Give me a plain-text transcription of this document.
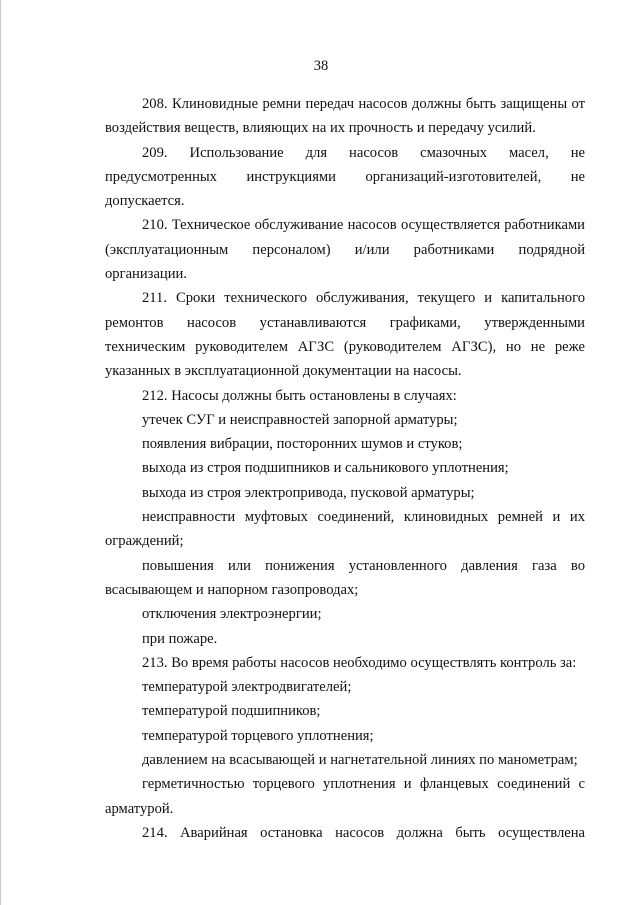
38

208. Клиновидные ремни передач насосов должны быть защищены от воздействия веществ, влияющих на их прочность и передачу усилий.

209. Использование для насосов смазочных масел, не предусмотренных инструкциями организаций-изготовителей, не допускается.

210. Техническое обслуживание насосов осуществляется работниками (эксплуатационным персоналом) и/или работниками подрядной организации.

211. Сроки технического обслуживания, текущего и капитального ремонтов насосов устанавливаются графиками, утвержденными техническим руководителем АГЗС (руководителем АГЗС), но не реже указанных в эксплуатационной документации на насосы.

212. Насосы должны быть остановлены в случаях:

утечек СУГ и неисправностей запорной арматуры;

появления вибрации, посторонних шумов и стуков;

выхода из строя подшипников и сальникового уплотнения;

выхода из строя электропривода, пусковой арматуры;

неисправности муфтовых соединений, клиновидных ремней и их ограждений;

повышения или понижения установленного давления газа во всасывающем и напорном газопроводах;

отключения электроэнергии;

при пожаре.

213. Во время работы насосов необходимо осуществлять контроль за:

температурой электродвигателей;

температурой подшипников;

температурой торцевого уплотнения;

давлением на всасывающей и нагнетательной линиях по манометрам;

герметичностью торцевого уплотнения и фланцевых соединений с арматурой.

214. Аварийная остановка насосов должна быть осуществлена
